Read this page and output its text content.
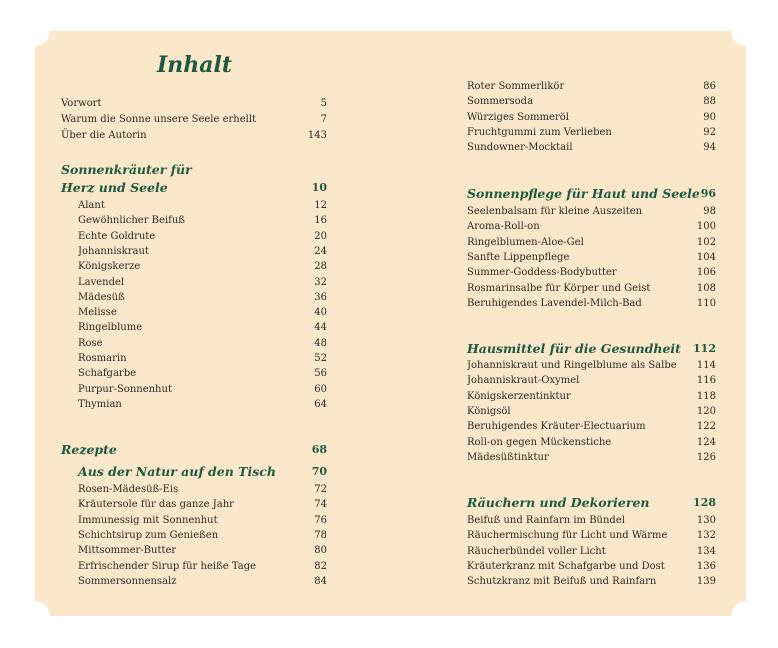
Inhalt
Vorwort	5
Warum die Sonne unsere Seele erhellt	7
Über die Autorin	143
Sonnenkräuter für
Herz und Seele	10
Alant	12
Gewöhnlicher Beifuß	16
Echte Goldrute	20
Johanniskraut	24
Königskerze	28
Lavendel	32
Mädesüß	36
Melisse	40
Ringelblume	44
Rose	48
Rosmarin	52
Schafgarbe	56
Purpur-Sonnenhut	60
Thymian	64
Rezepte	68
Aus der Natur auf den Tisch	70
Rosen-Mädesüß-Eis	72
Kräutersole für das ganze Jahr	74
Immunessig mit Sonnenhut	76
Schichtsirup zum Genießen	78
Mittsommer-Butter	80
Erfrischender Sirup für heiße Tage	82
Sommersonnensalz	84
Roter Sommerlikör	86
Sommersoda	88
Würziges Sommeröl	90
Fruchtgummi zum Verlieben	92
Sundowner-Mocktail	94
Sonnenpflege für Haut und Seele 96
Seelenbalsam für kleine Auszeiten	98
Aroma-Roll-on	100
Ringelblumen-Aloe-Gel	102
Sanfte Lippenpflege	104
Summer-Goddess-Bodybutter	106
Rosmarinsalbe für Körper und Geist	108
Beruhigendes Lavendel-Milch-Bad	110
Hausmittel für die Gesundheit 112
Johanniskraut und Ringelblume als Salbe	114
Johanniskraut-Oxymel	116
Königskerzentinktur	118
Königsöl	120
Beruhigendes Kräuter-Electuarium	122
Roll-on gegen Mückenstiche	124
Mädesüßtinktur	126
Räuchern und Dekorieren	128
Beifuß und Rainfarn im Bündel	130
Räuchermischung für Licht und Wärme	132
Räucherbündel voller Licht	134
Kräuterkranz mit Schafgarbe und Dost	136
Schutzkranz mit Beifuß und Rainfarn	139
